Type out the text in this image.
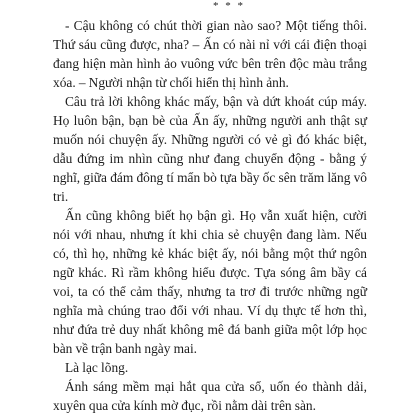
* * *

- Cậu không có chút thời gian nào sao? Một tiếng thôi. Thứ sáu cũng được, nha? – Ấn có nài nỉ với cái điện thoại đang hiện màn hình ảo vuông vức bên trên độc màu trắng xóa. – Người nhận từ chối hiển thị hình ảnh.

Câu trả lời không khác mấy, bận và dứt khoát cúp máy. Họ luôn bận, bạn bè của Ấn ấy, những người anh thật sự muốn nói chuyện ấy. Những người có vẻ gì đó khác biệt, dẫu đứng im nhìn cũng như đang chuyển động - bằng ý nghĩ, giữa đám đông tí mẩn bò tựa bầy ốc sên trăm lăng vô tri.

Ấn cũng không biết họ bận gì. Họ vẫn xuất hiện, cười nói với nhau, nhưng ít khi chia sẻ chuyện đang làm. Nếu có, thì họ, những kẻ khác biệt ấy, nói bằng một thứ ngôn ngữ khác. Rì rầm không hiểu được. Tựa sóng âm bầy cá voi, ta có thể cảm thấy, nhưng ta trơ đi trước những ngữ nghĩa mà chúng trao đổi với nhau. Ví dụ thực tế hơn thì, như đứa trẻ duy nhất không mê đá banh giữa một lớp học bàn về trận banh ngày mai.

Là lạc lõng.

Ánh sáng mềm mại hắt qua cửa sổ, uốn éo thành dải, xuyên qua cửa kính mờ đục, rồi nằm dài trên sàn.
